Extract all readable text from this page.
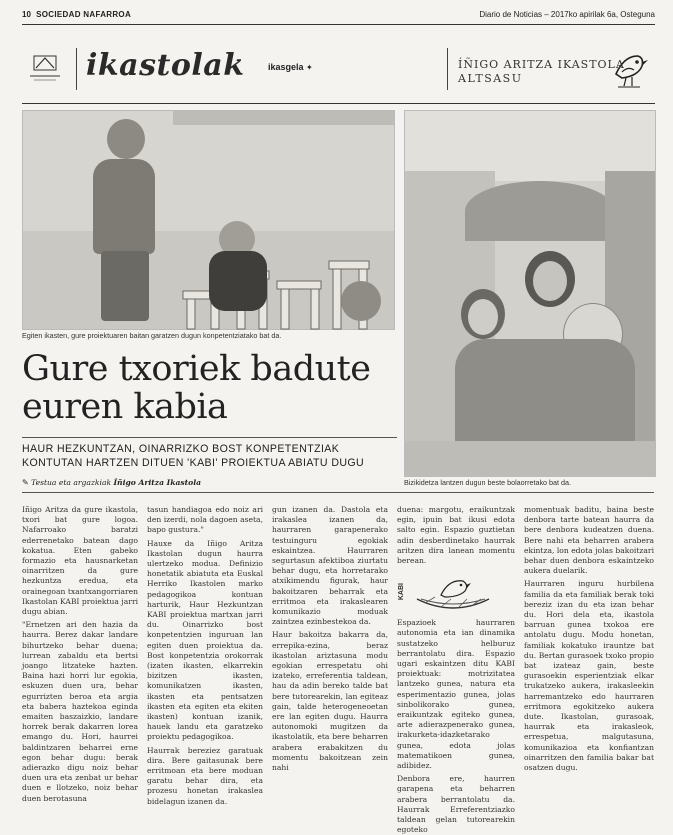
10 SOCIEDAD NAFARROA	Diario de Noticias – 2017ko apirilak 6a, Osteguna
ikastolak	ikasgela ✦	ÍÑIGO ARITZA IKASTOLA
ALTSASU
Egiten ikasten, gure proiektuaren baitan garatzen dugun konpetentziatako bat da.
Bizikidetza lantzen dugun beste bolaorretako bat da.
Gure txoriek badute
euren kabia
HAUR HEZKUNTZAN, OINARRIZKO BOST KONPETENTZIAK KONTUTAN HARTZEN DITUEN 'KABI' PROIEKTUA ABIATU DUGU
✎ Testua eta argazkiak Íñigo Aritza Ikastola

Iñigo Aritza da gure ikastola, txori bat gure logoa. Nafarroako baratzi ederrenetako batean dago kokatua. Eten gabeko formazio eta hausnarketan oinarritzen da gure hezkuntza eredua, eta orainegoan txantxangorriaren Ikastolan KABI proiektua jarri dugu abian.

"Ernetzen ari den hazia da haurra. Berez dakar landare bihurtzeko behar duena; lurrean zabaldu eta bertsi joango litzateke hazten. Baina hazi horri lur egokia, eskuzen duen ura, behar egurrizten beroa eta argia eta babera haztekoa eginda emaiten baszaizkio, landare horrek berak dakarren lorea emango du. Hori, haurrei baldintzaren beharrei erne egon behar dugu: berak adierazko digu noiz behar duen ura eta zenbat ur behar duen e llotzeko, noiz behar duen berotasuna

tasun handiagoa edo noiz ari den izerdi, nola dagoen aseta, bapo gustura."

Hauxe da Iñigo Aritza Ikastolan dugun haurra ulertzeko modua. Definizio honetatik abiatuta eta Euskal Herriko Ikastolen marko pedagogikoa kontuan harturik, Haur Hezkuntzan KABI proiektua martxan jarri du. Oinarrizko bost konpetentzien inguruan lan egiten duen proiektua da. Bost konpetentzia orokorrak (izaten ikasten, elkarrekin bizitzen ikasten, komunikatzen ikasten, ikasten eta pentsatzen ikasten eta egiten eta ekiten ikasten) kontuan izanik, hauek landu eta garatzeko proiektu pedagogikoa.

Haurrak bereziez garatuak dira. Bere gaitasunak bere erritmoan eta bere moduan garatu behar dira, eta prozesu honetan irakaslea bidelagun izanen da.

gun izanen da. Dastola eta irakaslea izanen da, haurraren garapenerako testuinguru egokiak eskaintzea. Haurraren segurtasun afektiboa ziurtatu behar dugu, eta horretarako atxikimendu figurak, haur bakoitzaren beharrak eta erritmoa eta irakaslearen komunikazio moduak zaintzea ezinbestekoa da.

Haur bakoitza bakarra da, errepika-ezina, beraz ikastolan ariztasuna modu egokian errespetatu ohi izateko, erreferentia taldean, hau da adin bereko talde bat bere tutorearekin, lan egiteaz gain, talde heterogeneoetan ere lan egiten dugu. Haurra autonomoki mugitzen da ikastolatik, eta bere beharren arabera erabakitzen du momentu bakoitzean zein nahi

duena: margotu, eraikuntzak egin, ipuin bat ikusi edota salto egin. Espazio guztietan adin desberdinetako haurrak aritzen dira lanean momentu berean.

KABI

Espazioek haurraren autonomia eta ian dinamika sustatzeko helburuz berrantolatu dira. Espazio ugari eskaintzen ditu KABI proiektuak: motrizitatea lantzeko gunea, natura eta esperimentazio gunea, jolas sinbolikorako gunea, eraikuntzak egiteko gunea, arte adierazpenerako gunea, irakurketa-idazketarako gunea, edota jolas matematikoen gunea, adibidez.

Denbora ere, haurren garapena eta beharren arabera berrantolatu da. Haurrak Erreferentziazko taldean gelan tutorearekin egoteko

momentuak baditu, baina beste denbora tarte batean haurra da bere denbora kudeatzen duena. Bere nahi eta beharren arabera ekintza, lon edota jolas bakoitzari behar duen denbora eskaintzeko aukera duelarik.

Haurraren inguru hurbilena familia da eta familiak berak toki bereziz izan du eta izan behar du. Hori dela eta, ikastola barruan gunea txokoa ere antolatu dugu. Modu honetan, familiak kokatuko irauntze bat du. Bertan gurasoek txoko propio bat izateaz gain, beste gurasoekin esperientziak elkar trukatzeko aukera, irakasleekin harremantzeko edo haurraren erritmora egokitzeko aukera dute. Ikastolan, gurasoak, haurrak eta irakasleok, errespetua, malgutasuna, komunikazioa eta konfiantzan oinarritzen den familia bakar bat osatzen dugu.
